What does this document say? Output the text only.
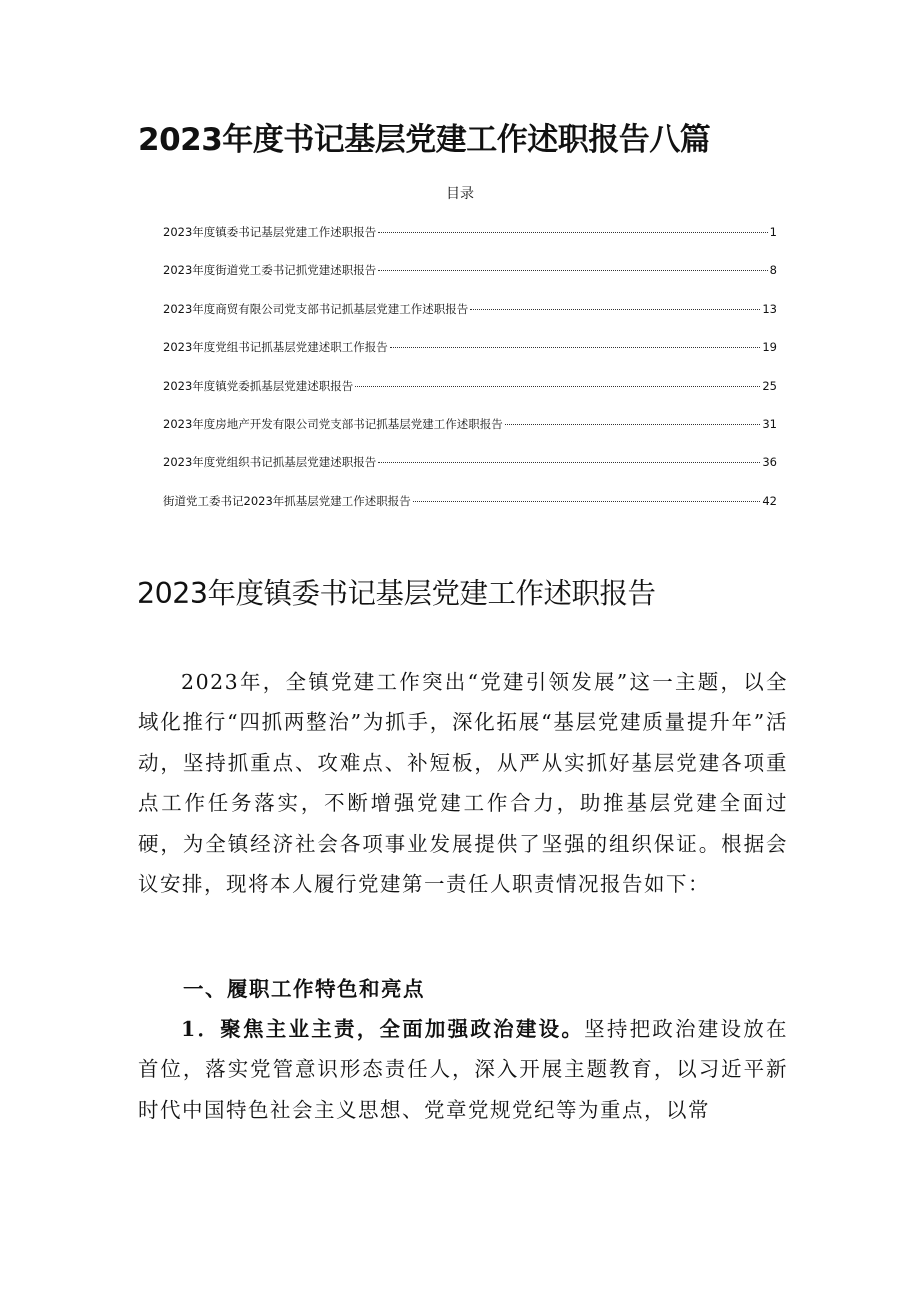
2023年度书记基层党建工作述职报告八篇
目录
2023年度镇委书记基层党建工作述职报告	1
2023年度街道党工委书记抓党建述职报告	8
2023年度商贸有限公司党支部书记抓基层党建工作述职报告	13
2023年度党组书记抓基层党建述职工作报告	19
2023年度镇党委抓基层党建述职报告	25
2023年度房地产开发有限公司党支部书记抓基层党建工作述职报告	31
2023年度党组织书记抓基层党建述职报告	36
街道党工委书记2023年抓基层党建工作述职报告	42
2023年度镇委书记基层党建工作述职报告

2023年，全镇党建工作突出“党建引领发展”这一主题，以全域化推行“四抓两整治”为抓手，深化拓展“基层党建质量提升年”活动，坚持抓重点、攻难点、补短板，从严从实抓好基层党建各项重点工作任务落实，不断增强党建工作合力，助推基层党建全面过硬，为全镇经济社会各项事业发展提供了坚强的组织保证。根据会议安排，现将本人履行党建第一责任人职责情况报告如下：

一、履职工作特色和亮点

1．聚焦主业主责，全面加强政治建设。坚持把政治建设放在首位，落实党管意识形态责任人，深入开展主题教育，以习近平新时代中国特色社会主义思想、党章党规党纪等为重点，以常
